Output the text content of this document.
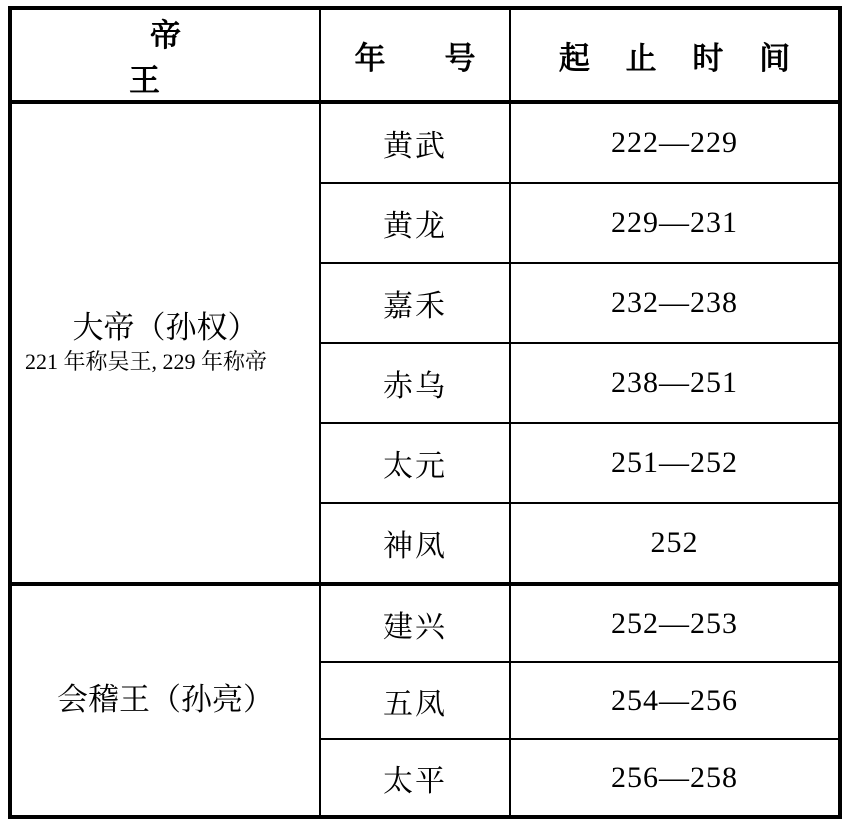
帝　　王	年　号	起 止 时 间

大帝（孙权）
221 年称吴王, 229 年称帝	黄武	222—229
	黄龙	229—231
	嘉禾	232—238
	赤乌	238—251
	太元	251—252
	神凤	252

会稽王（孙亮）	建兴	252—253
	五凤	254—256
	太平	256—258
